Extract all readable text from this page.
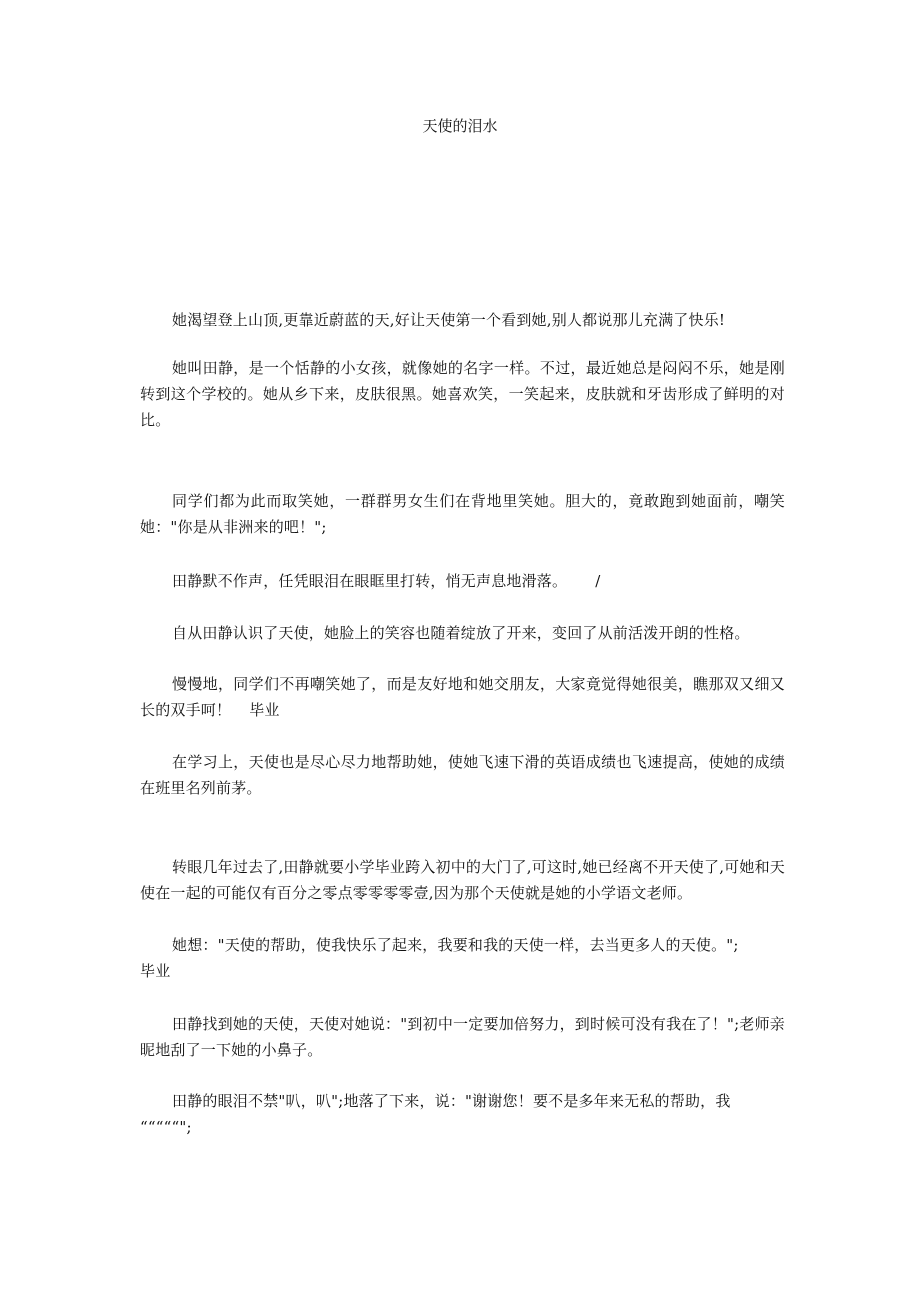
天使的泪水

她渴望登上山顶,更靠近蔚蓝的天,好让天使第一个看到她,别人都说那儿充满了快乐!

她叫田静，是一个恬静的小女孩，就像她的名字一样。不过，最近她总是闷闷不乐，她是刚转到这个学校的。她从乡下来，皮肤很黑。她喜欢笑，一笑起来，皮肤就和牙齿形成了鲜明的对比。

同学们都为此而取笑她，一群群男女生们在背地里笑她。胆大的，竟敢跑到她面前，嘲笑她："你是从非洲来的吧！";

田静默不作声，任凭眼泪在眼眶里打转，悄无声息地滑落。 /

自从田静认识了天使，她脸上的笑容也随着绽放了开来，变回了从前活泼开朗的性格。

慢慢地，同学们不再嘲笑她了，而是友好地和她交朋友，大家竟觉得她很美，瞧那双又细又长的双手呵！ 毕业

在学习上，天使也是尽心尽力地帮助她，使她飞速下滑的英语成绩也飞速提高，使她的成绩在班里名列前茅。

转眼几年过去了,田静就要小学毕业跨入初中的大门了,可这时,她已经离不开天使了,可她和天使在一起的可能仅有百分之零点零零零零壹,因为那个天使就是她的小学语文老师。

她想："天使的帮助，使我快乐了起来，我要和我的天使一样，去当更多人的天使。";
毕业

田静找到她的天使，天使对她说："到初中一定要加倍努力，到时候可没有我在了！";老师亲昵地刮了一下她的小鼻子。

田静的眼泪不禁"叭，叭";地落了下来，说："谢谢您！要不是多年来无私的帮助，我
“““““";
